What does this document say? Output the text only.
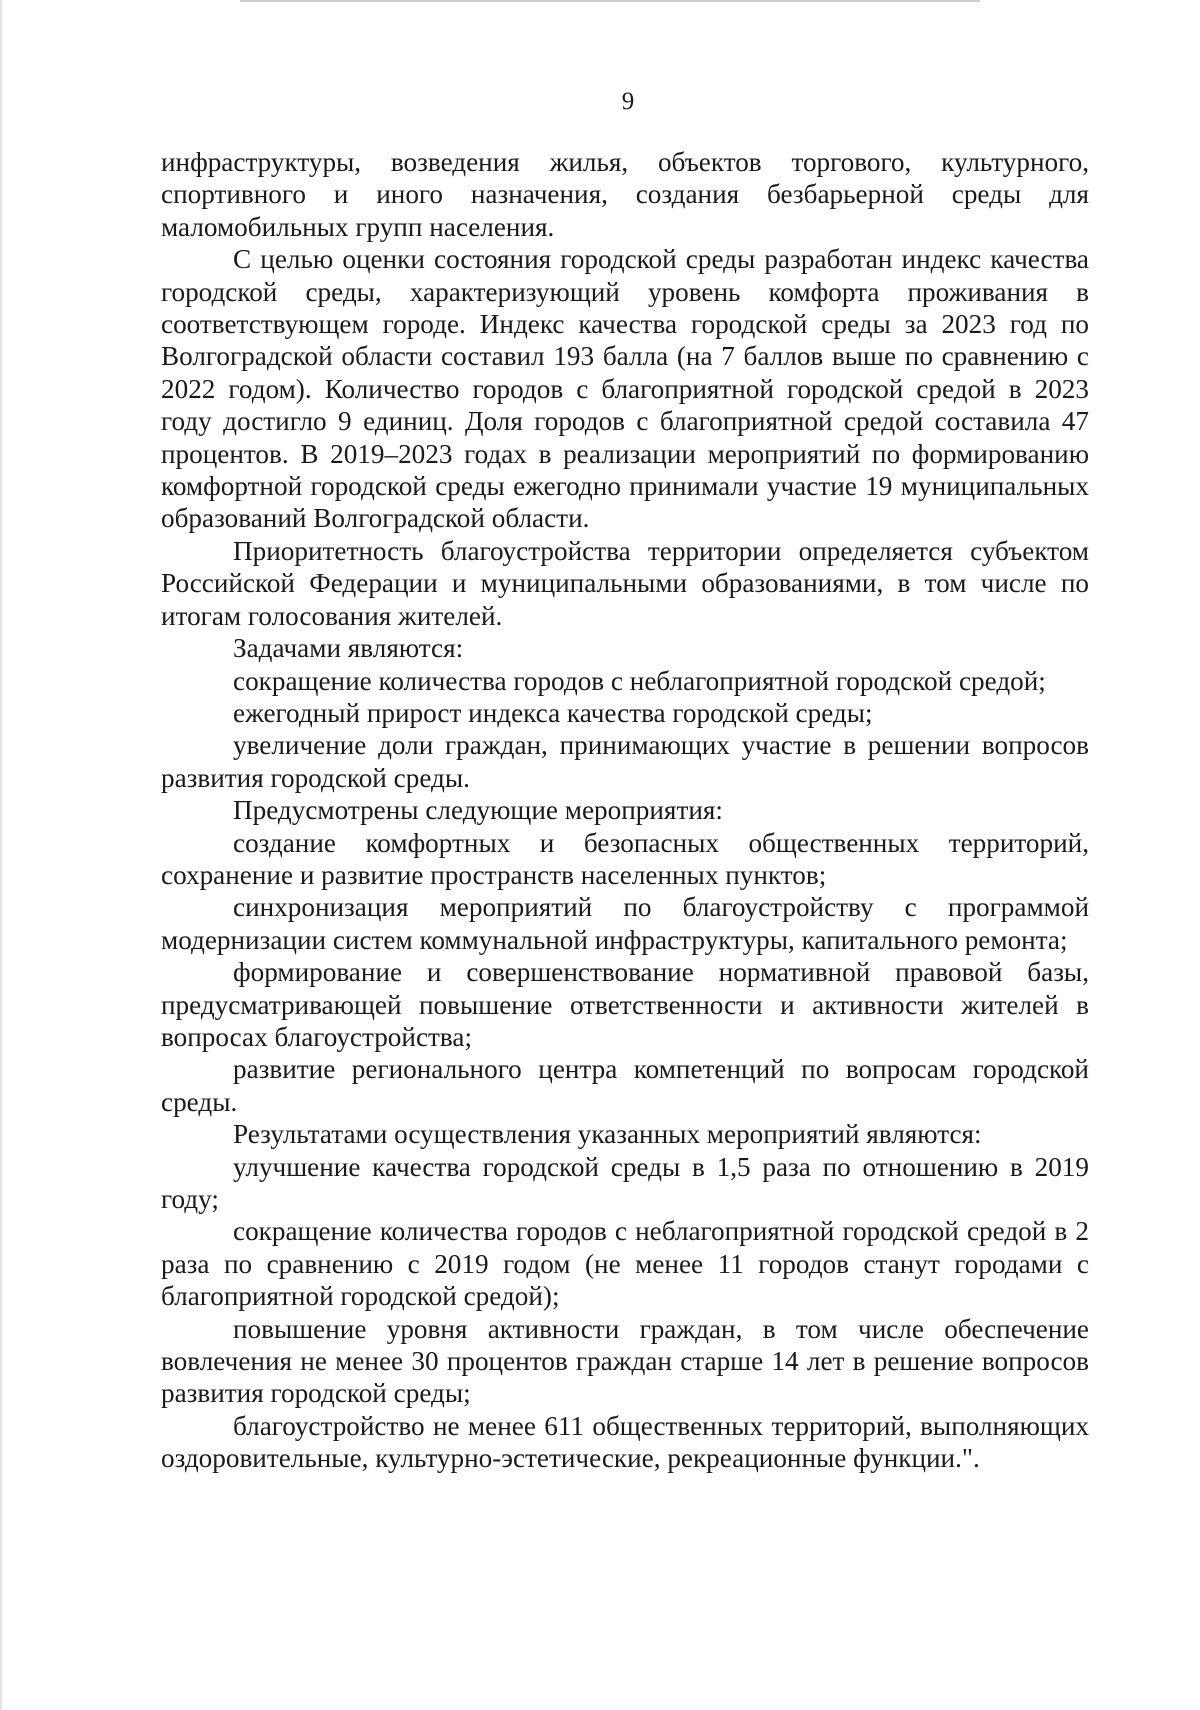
9

инфраструктуры, возведения жилья, объектов торгового, культурного, спортивного и иного назначения, создания безбарьерной среды для маломобильных групп населения.

С целью оценки состояния городской среды разработан индекс качества городской среды, характеризующий уровень комфорта проживания в соответствующем городе. Индекс качества городской среды за 2023 год по Волгоградской области составил 193 балла (на 7 баллов выше по сравнению с 2022 годом). Количество городов с благоприятной городской средой в 2023 году достигло 9 единиц. Доля городов с благоприятной средой составила 47 процентов. В 2019–2023 годах в реализации мероприятий по формированию комфортной городской среды ежегодно принимали участие 19 муниципальных образований Волгоградской области.

Приоритетность благоустройства территории определяется субъектом Российской Федерации и муниципальными образованиями, в том числе по итогам голосования жителей.

Задачами являются:

сокращение количества городов с неблагоприятной городской средой;

ежегодный прирост индекса качества городской среды;

увеличение доли граждан, принимающих участие в решении вопросов развития городской среды.

Предусмотрены следующие мероприятия:

создание комфортных и безопасных общественных территорий, сохранение и развитие пространств населенных пунктов;

синхронизация мероприятий по благоустройству с программой модернизации систем коммунальной инфраструктуры, капитального ремонта;

формирование и совершенствование нормативной правовой базы, предусматривающей повышение ответственности и активности жителей в вопросах благоустройства;

развитие регионального центра компетенций по вопросам городской среды.

Результатами осуществления указанных мероприятий являются:

улучшение качества городской среды в 1,5 раза по отношению в 2019 году;

сокращение количества городов с неблагоприятной городской средой в 2 раза по сравнению с 2019 годом (не менее 11 городов станут городами с благоприятной городской средой);

повышение уровня активности граждан, в том числе обеспечение вовлечения не менее 30 процентов граждан старше 14 лет в решение вопросов развития городской среды;

благоустройство не менее 611 общественных территорий, выполняющих оздоровительные, культурно-эстетические, рекреационные функции.".
